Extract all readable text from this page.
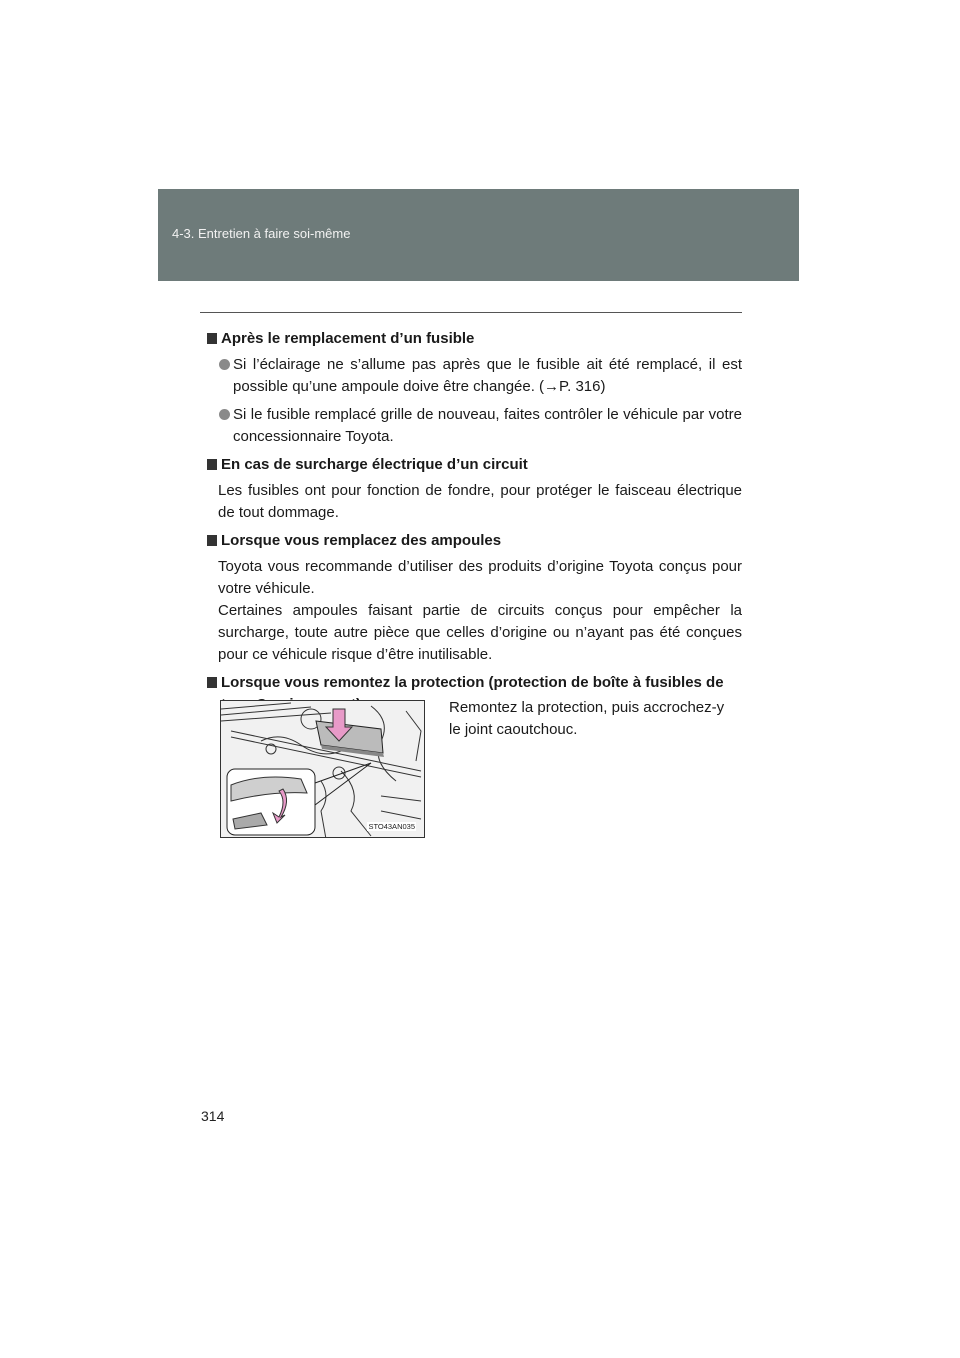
4-3. Entretien à faire soi-même
Après le remplacement d’un fusible
Si l’éclairage ne s’allume pas après que le fusible ait été remplacé, il est possible qu’une ampoule doive être changée. (→P. 316)
Si le fusible remplacé grille de nouveau, faites contrôler le véhicule par votre concessionnaire Toyota.
En cas de surcharge électrique d’un circuit
Les fusibles ont pour fonction de fondre, pour protéger le faisceau électrique de tout dommage.
Lorsque vous remplacez des ampoules
Toyota vous recommande d’utiliser des produits d’origine Toyota conçus pour votre véhicule.
Certaines ampoules faisant partie de circuits conçus pour empêcher la surcharge, toute autre pièce que celles d’origine ou n’ayant pas été conçues pour ce véhicule risque d’être inutilisable.
Lorsque vous remontez la protection (protection de boîte à fusibles de
STO43AN035
Remontez la protection, puis accrochez-y le joint caoutchouc.
314
